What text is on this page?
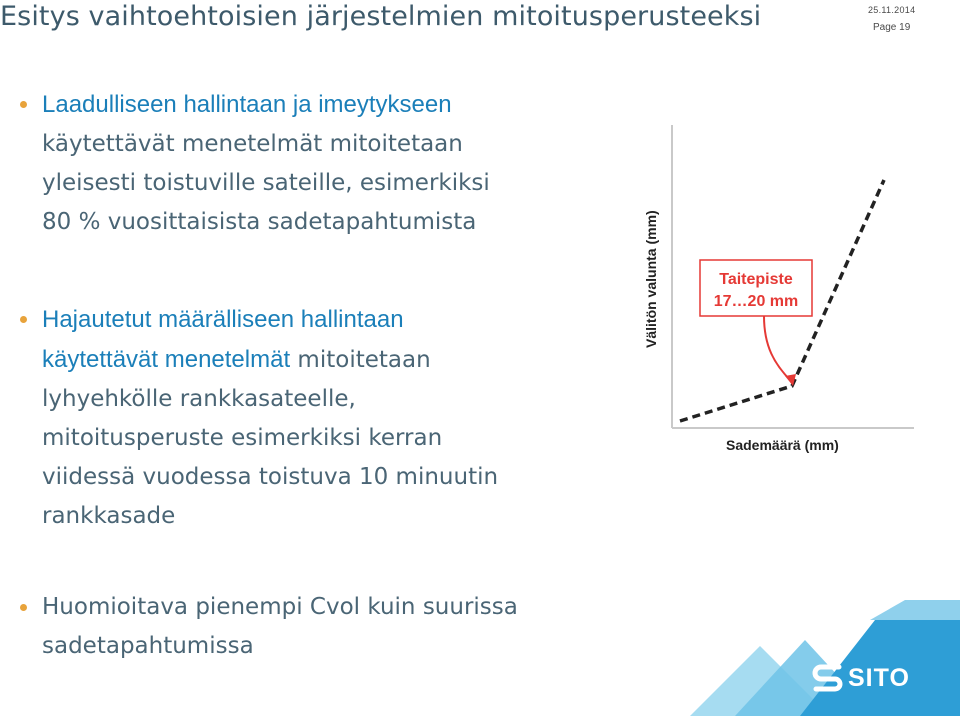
Esitys vaihtoehtoisien järjestelmien mitoitusperusteeksi	25.11.2014
Page 19
Laadulliseen hallintaan ja imeytykseen
käytettävät menetelmät mitoitetaan
yleisesti toistuville sateille, esimerkiksi
80 % vuosittaisista sadetapahtumista
Hajautetut määrälliseen hallintaan
käytettävät menetelmät mitoitetaan
lyhyehkölle rankkasateelle,
mitoitusperuste esimerkiksi kerran
viidessä vuodessa toistuva 10 minuutin
rankkasade
Huomioitava pienempi Cvol kuin suurissa
sadetapahtumissa
Välitön valunta (mm)
Sademäärä (mm)
Taitepiste
17…20 mm
SITO
